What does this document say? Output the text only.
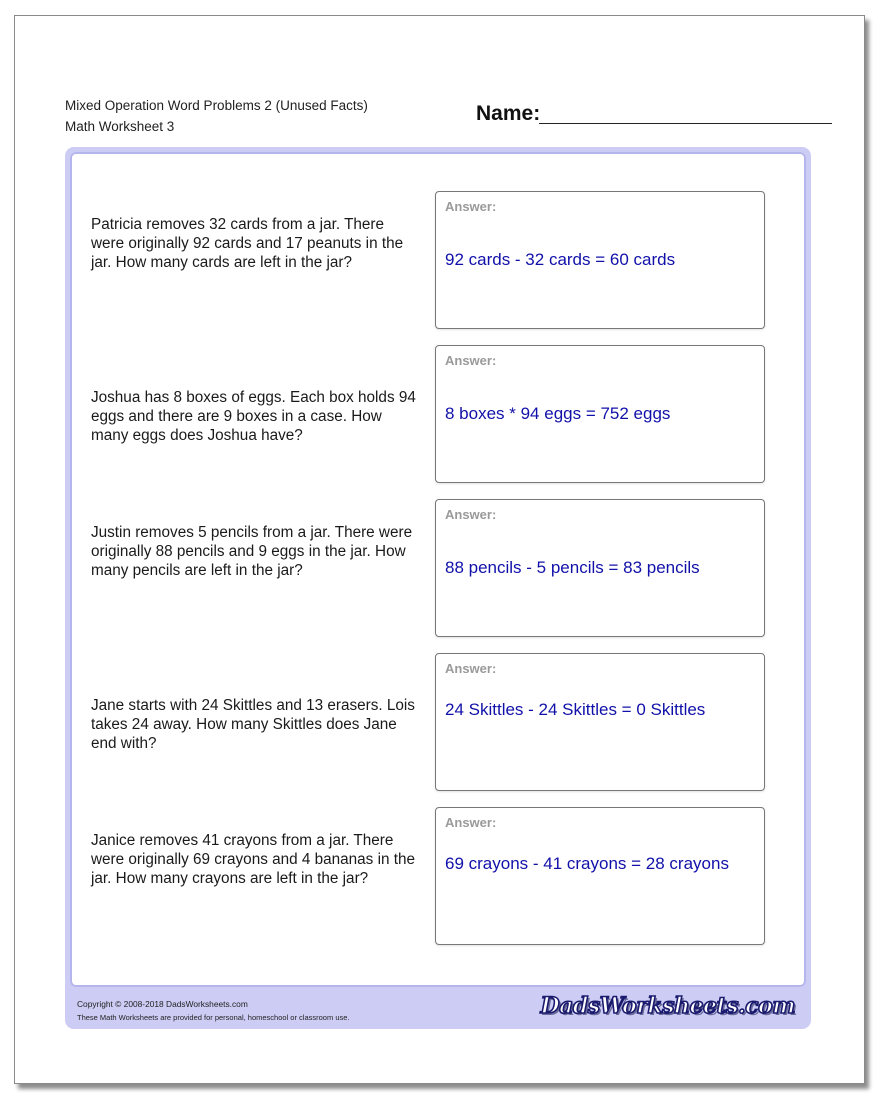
Mixed Operation Word Problems 2 (Unused Facts)
Math Worksheet 3
Name:
Patricia removes 32 cards from a jar. There were originally 92 cards and 17 peanuts in the jar. How many cards are left in the jar?
Answer:
92 cards - 32 cards = 60 cards
Joshua has 8 boxes of eggs. Each box holds 94 eggs and there are 9 boxes in a case. How many eggs does Joshua have?
Answer:
8 boxes * 94 eggs = 752 eggs
Justin removes 5 pencils from a jar. There were originally 88 pencils and 9 eggs in the jar. How many pencils are left in the jar?
Answer:
88 pencils - 5 pencils = 83 pencils
Jane starts with 24 Skittles and 13 erasers. Lois takes 24 away. How many Skittles does Jane end with?
Answer:
24 Skittles - 24 Skittles = 0 Skittles
Janice removes 41 crayons from a jar. There were originally 69 crayons and 4 bananas in the jar. How many crayons are left in the jar?
Answer:
69 crayons - 41 crayons = 28 crayons
Copyright © 2008-2018 DadsWorksheets.com
These Math Worksheets are provided for personal, homeschool or classroom use.	DadsWorksheets.com
